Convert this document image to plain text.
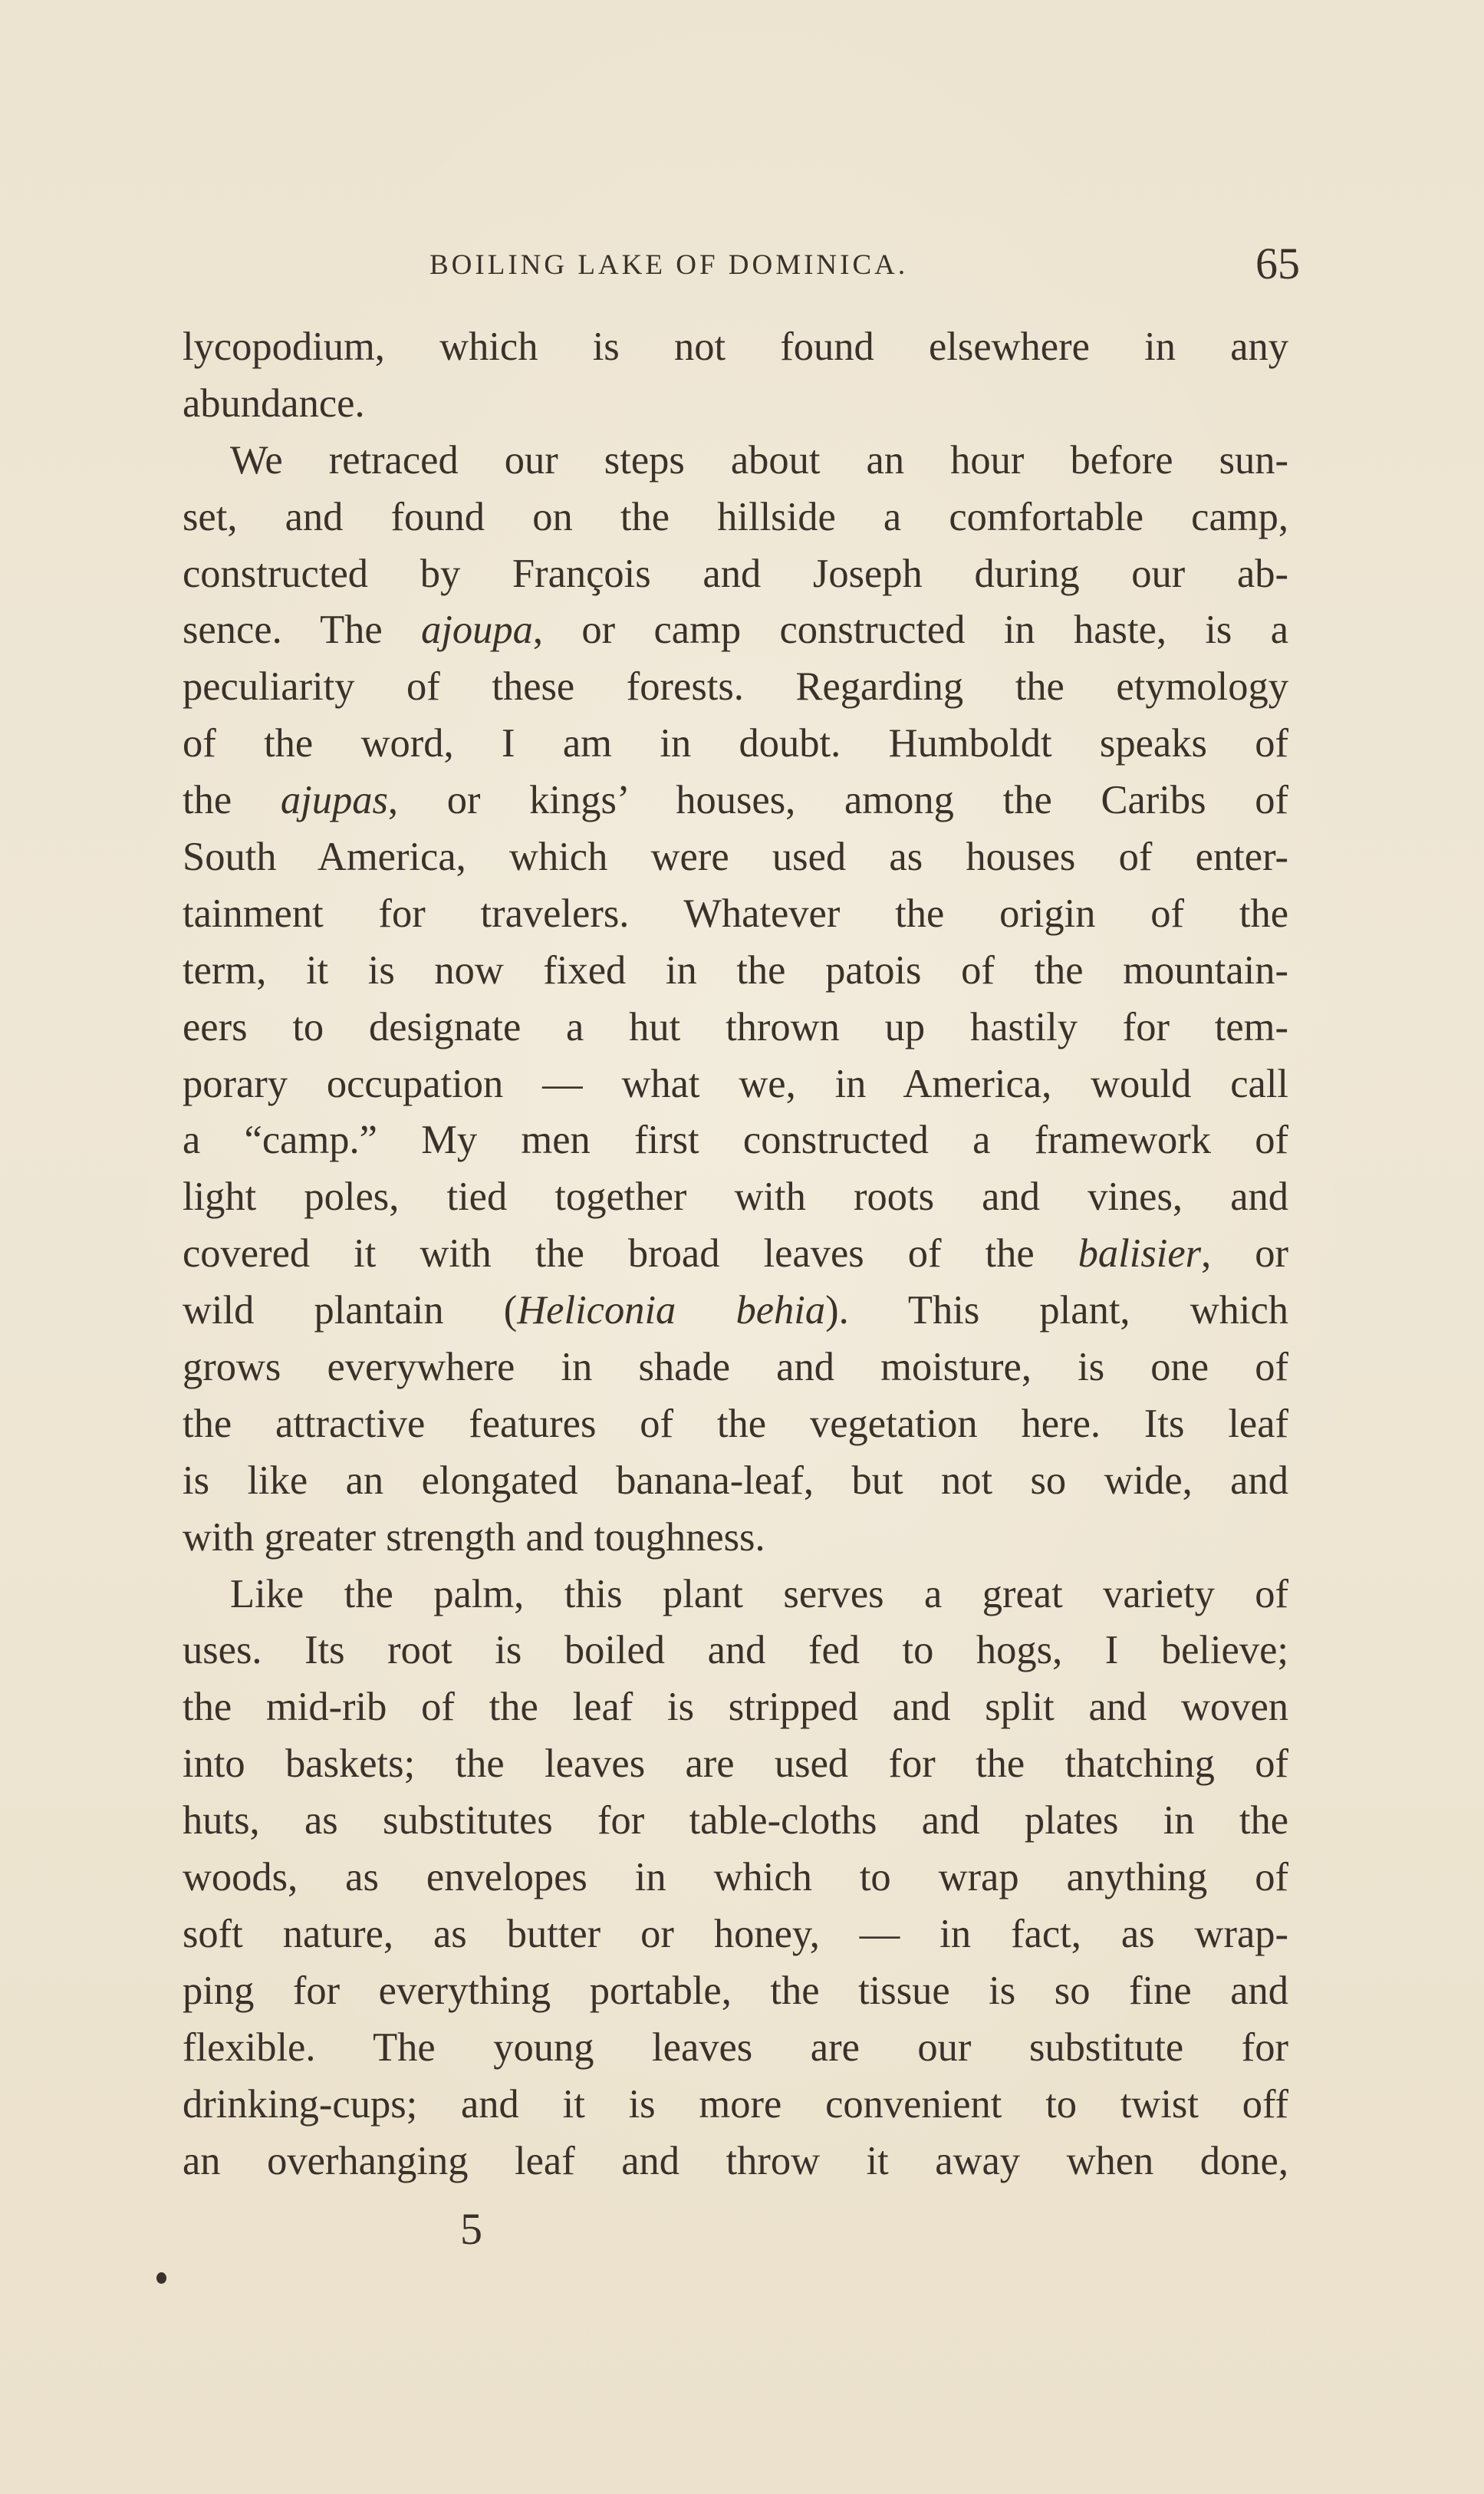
BOILING LAKE OF DOMINICA.	65
lycopodium, which is not found elsewhere in any
abundance.
We retraced our steps about an hour before sun-
set, and found on the hillside a comfortable camp,
constructed by François and Joseph during our ab-
sence. The ajoupa, or camp constructed in haste, is a
peculiarity of these forests. Regarding the etymology
of the word, I am in doubt. Humboldt speaks of
the ajupas, or kings’ houses, among the Caribs of
South America, which were used as houses of enter-
tainment for travelers. Whatever the origin of the
term, it is now fixed in the patois of the mountain-
eers to designate a hut thrown up hastily for tem-
porary occupation — what we, in America, would call
a “camp.” My men first constructed a framework of
light poles, tied together with roots and vines, and
covered it with the broad leaves of the balisier, or
wild plantain (Heliconia behia). This plant, which
grows everywhere in shade and moisture, is one of
the attractive features of the vegetation here. Its leaf
is like an elongated banana-leaf, but not so wide, and
with greater strength and toughness.
Like the palm, this plant serves a great variety of
uses. Its root is boiled and fed to hogs, I believe;
the mid-rib of the leaf is stripped and split and woven
into baskets; the leaves are used for the thatching of
huts, as substitutes for table-cloths and plates in the
woods, as envelopes in which to wrap anything of
soft nature, as butter or honey, — in fact, as wrap-
ping for everything portable, the tissue is so fine and
flexible. The young leaves are our substitute for
drinking-cups; and it is more convenient to twist off
an overhanging leaf and throw it away when done,
5
